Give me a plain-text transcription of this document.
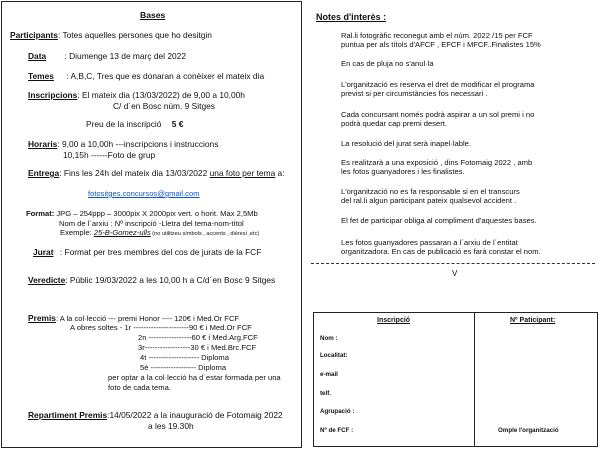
Bases
Participants: Totes aquelles persones que ho desitgin
Data : Diumenge 13 de març del 2022
Temes : A,B,C, Tres que es donaran a conèixer el mateix dia
Inscripcions: El mateix dia (13/03/2022) de 9,00 a 10,00h
C/ d´en Bosc núm. 9 Sitges
Preu de la inscripció 5 €
Horaris: 9,00 a 10,00h ---inscripcions i instruccions
10,15h ------Foto de grup
Entrega: Fins les 24h del mateix dia 13/03/2022 una foto per tema a:
fotositges.concursos@gmail.com
Format: JPG – 254ppp – 3000pix X 2000pix vert. o horit. Max 2,5Mb
Nom de l´arxiu : Nº inscripció -Lletra del tema-nom-títol
Exemple: 25-B-Gomez-ulls (no utilitzeu símbols , accents , dièresi ,etc)
Jurat : Format per tres membres del cos de jurats de la FCF
Veredicte: Públic 19/03/2022 a les 10,00 h a C/d´en Bosc 9 Sitges
Premis: A la col·lecció --- premi Honor ---- 120€ i Med.Or FCF
A obres soltes - 1r ----------------------90 € i Med.Or FCF
2n -----------------60 € i Med.Arg.FCF
3r------------------30 € i Med.Brc.FCF
4t -------------------- Diploma
5è ------------------ Diploma
per optar a la col·lecció ha d´estar formada per una
foto de cada tema.
Repartiment Premis:14/05/2022 a la inauguració de Fotomaig 2022
a les 19.30h
Notes d'interès :
Ral.li fotogràfic reconegut amb el núm. 2022 /15 per FCF
puntua per als títols d'AFCF , EFCF i MFCF..Finalistes 15%
En cas de pluja no s'anul·la
L'organització es reserva el dret de modificar el programa
previst si per circumstàncies fos necessari .
Cada concursant només podrà aspirar a un sol premi i no
podrà quedar cap premi desert.
La resolució del jurat serà inapel·lable.
Es realitzarà a una exposició , dins Fotomaig 2022 , amb
les fotos guanyadores i les finalistes.
L'organització no es fa responsable si en el transcurs
del ral.li algun participant pateix qualsevol accident .
El fet de participar obliga al compliment d'aquestes bases.
Les fotos guanyadores passaran a l´arxiu de l´entitat
organitzadora. En cas de publicació es farà constar el nom.
V
Inscripció	Nº Paticipant:
Nom :
Localitat:
e-mail
telf.
Agrupació :
Nº de FCF :	Omple l'organització
